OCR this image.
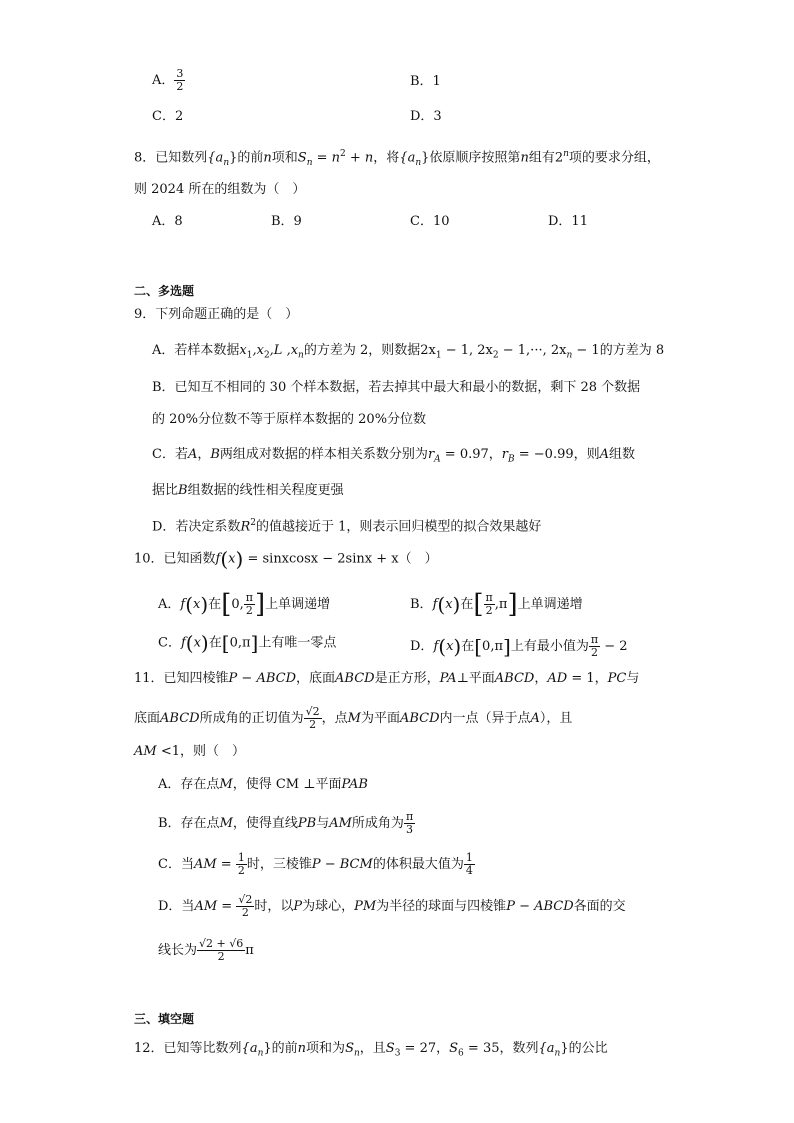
A． $\frac{3}{2}$	B．1
C．2	D．3
8．已知数列$\{a_n\}$的前n项和$S_n = n^2 + n$，将$\{a_n\}$依原顺序按照第n组有2$^n$项的要求分组，
则 2024 所在的组数为（　）
A．8	B．9	C．10	D．11
二、多选题
9．下列命题正确的是（　）
A．若样本数据$x_1,x_2,L$ $,x_n$的方差为 2，则数据$2x_1 - 1$, $2x_2 - 1,\cdot\cdot\cdot$, $2x_n - 1$的方差为 8
B．已知互不相同的 30 个样本数据，若去掉其中最大和最小的数据，剩下 28 个数据
的 20%分位数不等于原样本数据的 20%分位数
C．若A，B两组成对数据的样本相关系数分别为$r_A = 0.97$，$r_B = -0.99$，则A组数
据比B组数据的线性相关程度更强
D．若决定系数$R^2$的值越接近于 1，则表示回归模型的拟合效果越好
10．已知函数f(x) = sinxcosx − 2sinx + x（　）
A．f(x)在[0, $\frac{\pi}{2}$ ]上单调递增	B．f(x)在[ $\frac{\pi}{2} ,\pi$]上单调递增
C．f(x)在[0,π]上有唯一零点	D．f(x)在[0,π]上有最小值为 $\frac{\pi}{2} - 2$
11．已知四棱锥P − ABCD，底面ABCD是正方形，PA⊥平面ABCD，AD = 1，PC与
底面ABCD所成角的正切值为 $\frac{√2}{2}$ ，点M为平面ABCD内一点（异于点A），且
AM <1，则（　）
A．存在点M，使得 CM ⊥平面PAB
B．存在点M，使得直线PB与AM所成角为 $\frac{\pi}{3}$
C．当AM = $\frac{1}{2}$ 时，三棱锥P − BCM的体积最大值为 $\frac{1}{4}$
D．当AM = $\frac{√2}{2}$ 时，以P为球心，PM为半径的球面与四棱锥P − ABCD各面的交
线长为 $\frac{√2 + √6}{2}$ π
三、填空题
12．已知等比数列$\{a_n\}$的前n项和为$S_n$，且$S_3 = 27$，$S_6 = 35$，数列$\{a_n\}$的公比
